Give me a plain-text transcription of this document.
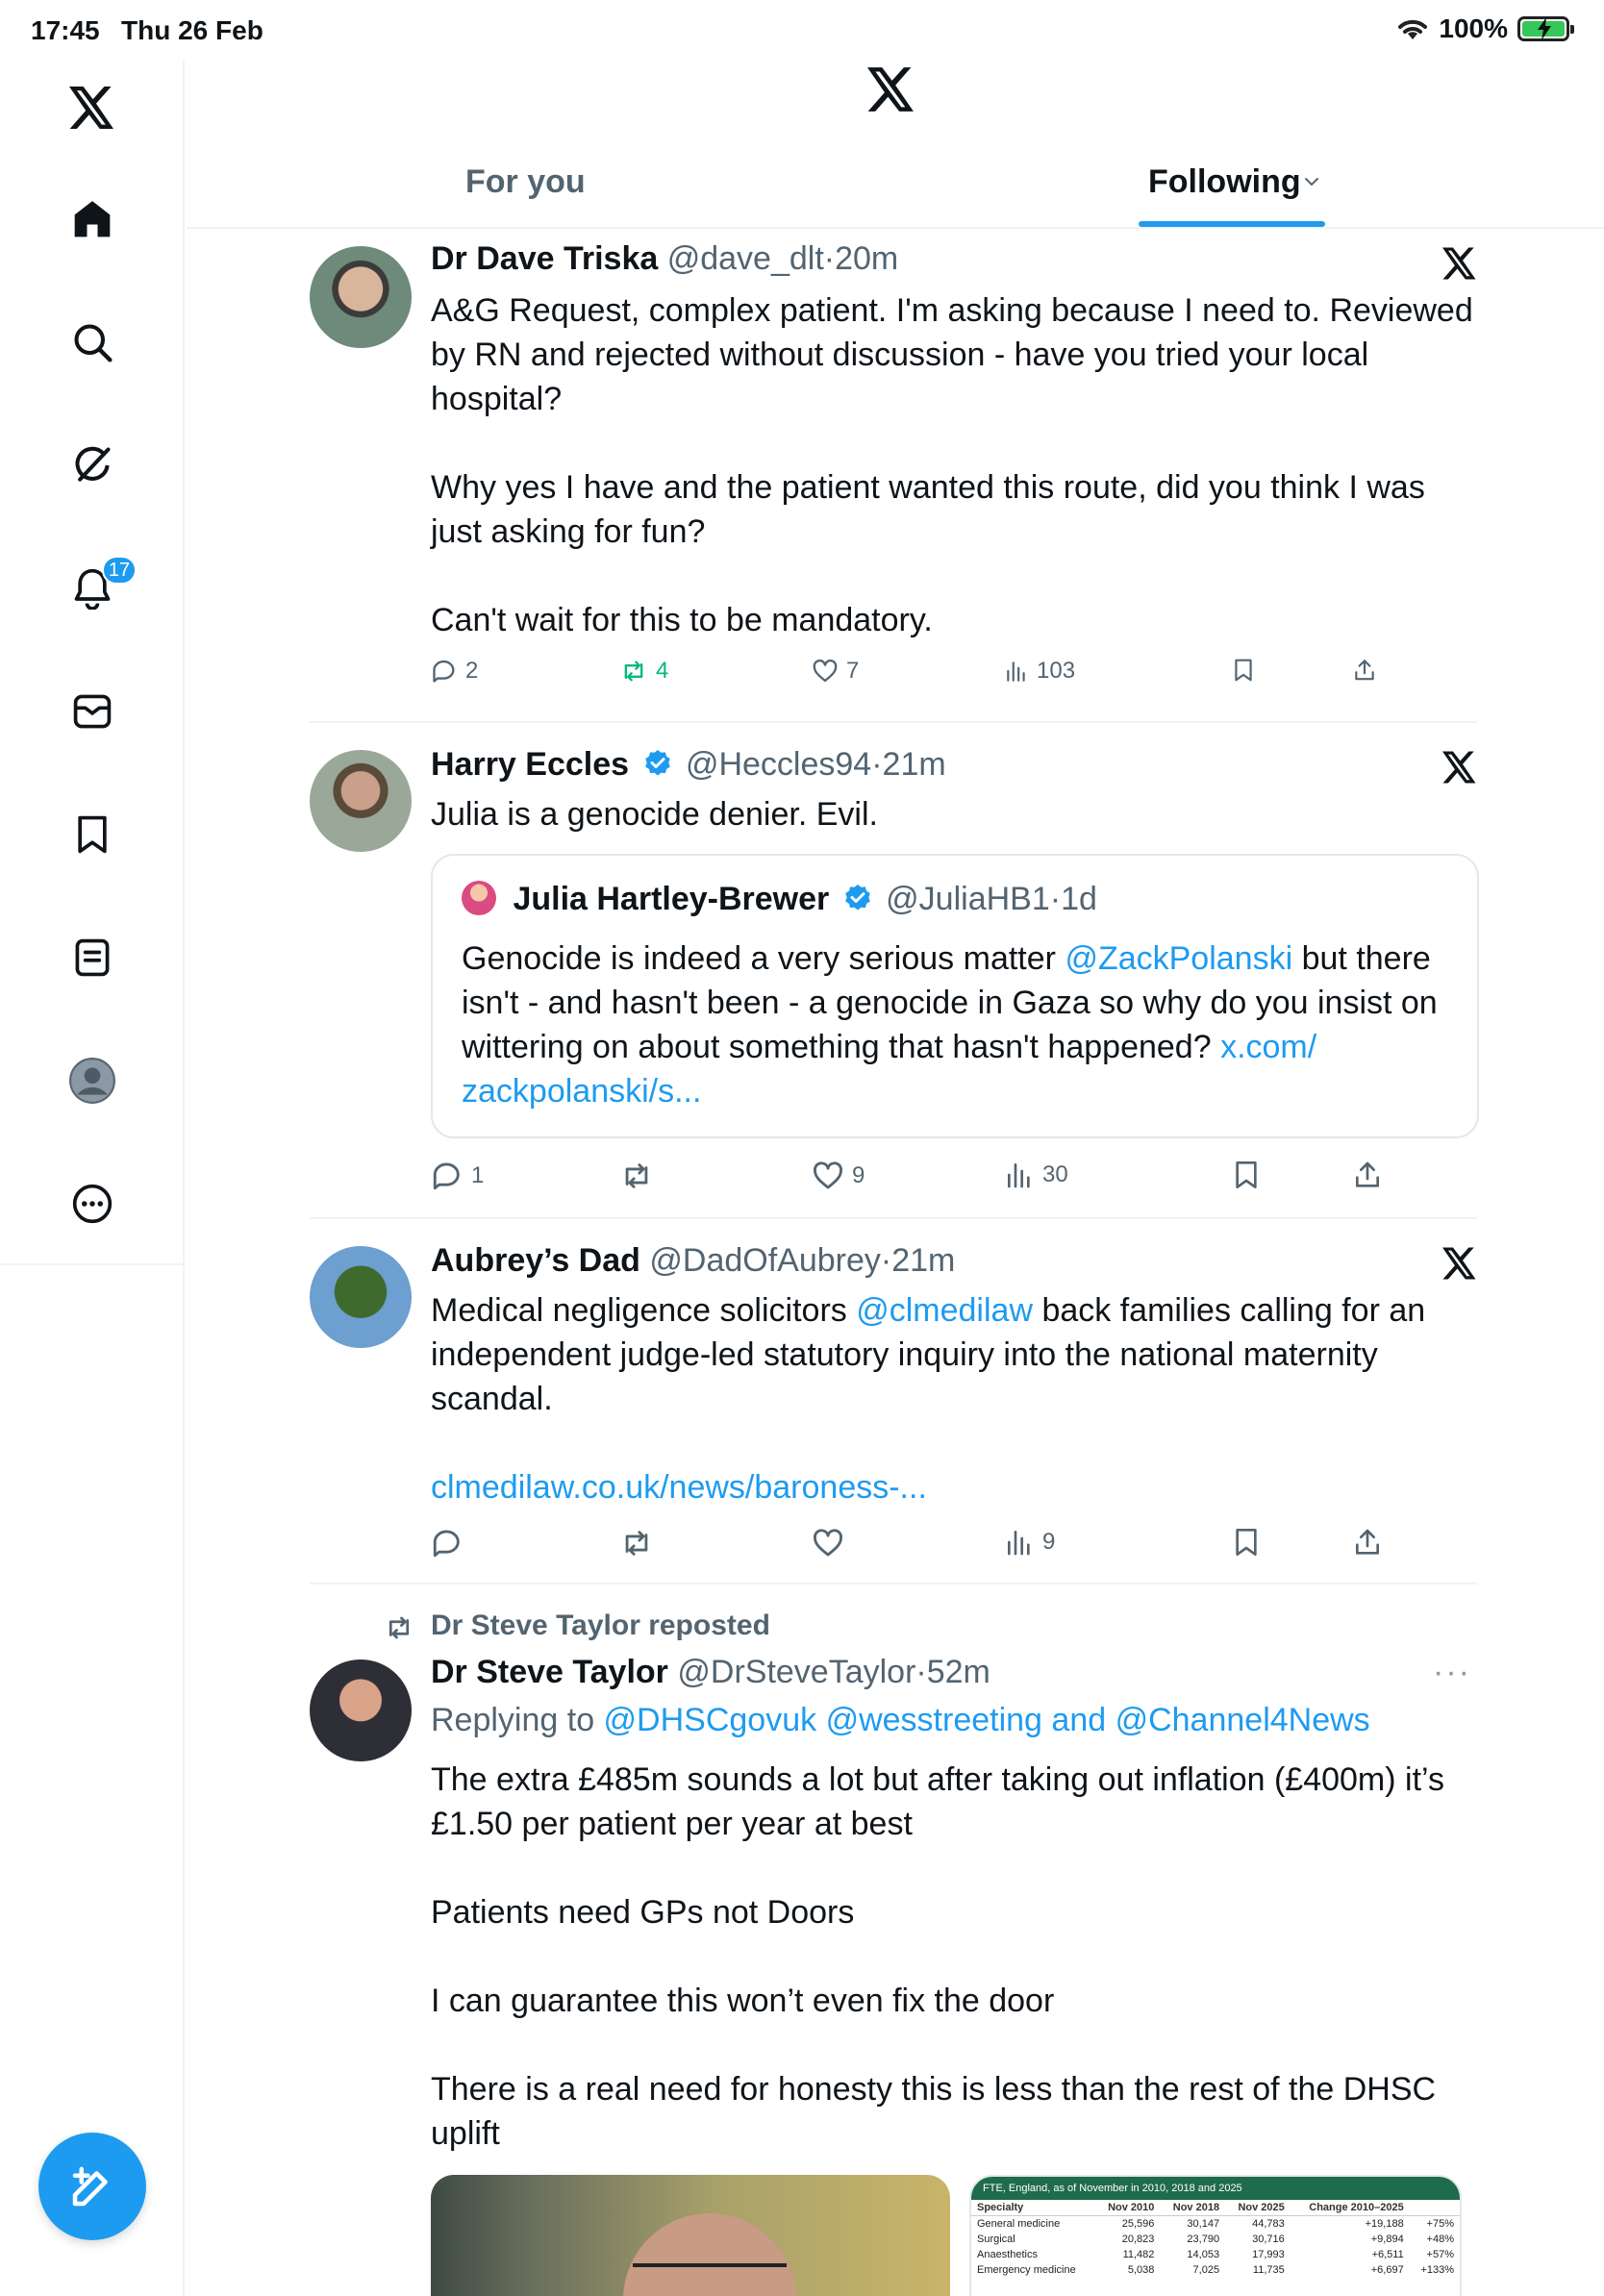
17:45 Thu 26 Feb	100%
17
For you	Following
Dr Dave Triska @dave_dlt·20m
A&G Request, complex patient. I'm asking because I need to. Reviewed by RN and rejected without discussion - have you tried your local hospital?

Why yes I have and the patient wanted this route, did you think I was just asking for fun?

Can't wait for this to be mandatory.
2	4	7	103
Harry Eccles @Heccles94·21m
Julia is a genocide denier. Evil.
Julia Hartley-Brewer @JuliaHB1·1d
Genocide is indeed a very serious matter @ZackPolanski but there isn't - and hasn't been - a genocide in Gaza so why do you insist on wittering on about something that hasn't happened? x.com/
zackpolanski/s...
1	9	30
Aubrey’s Dad @DadOfAubrey·21m
Medical negligence solicitors @clmedilaw back families calling for an independent judge-led statutory inquiry into the national maternity scandal.
clmedilaw.co.uk/news/baroness-...
9
Dr Steve Taylor reposted
Dr Steve Taylor @DrSteveTaylor·52m	···
Replying to @DHSCgovuk @wesstreeting and @Channel4News
The extra £485m sounds a lot but after taking out inflation (£400m) it’s £1.50 per patient per year at best

Patients need GPs not Doors

I can guarantee this won’t even fix the door

There is a real need for honesty this is less than the rest of the DHSC uplift
FTE, England, as of November in 2010, 2018 and 2025
Specialty	Nov 2010	Nov 2018	Nov 2025	Change 2010–2025	
General medicine	25,596	30,147	44,783	+19,188	+75%
Surgical	20,823	23,790	30,716	+9,894	+48%
Anaesthetics	11,482	14,053	17,993	+6,511	+57%
Emergency medicine	5,038	7,025	11,735	+6,697	+133%
